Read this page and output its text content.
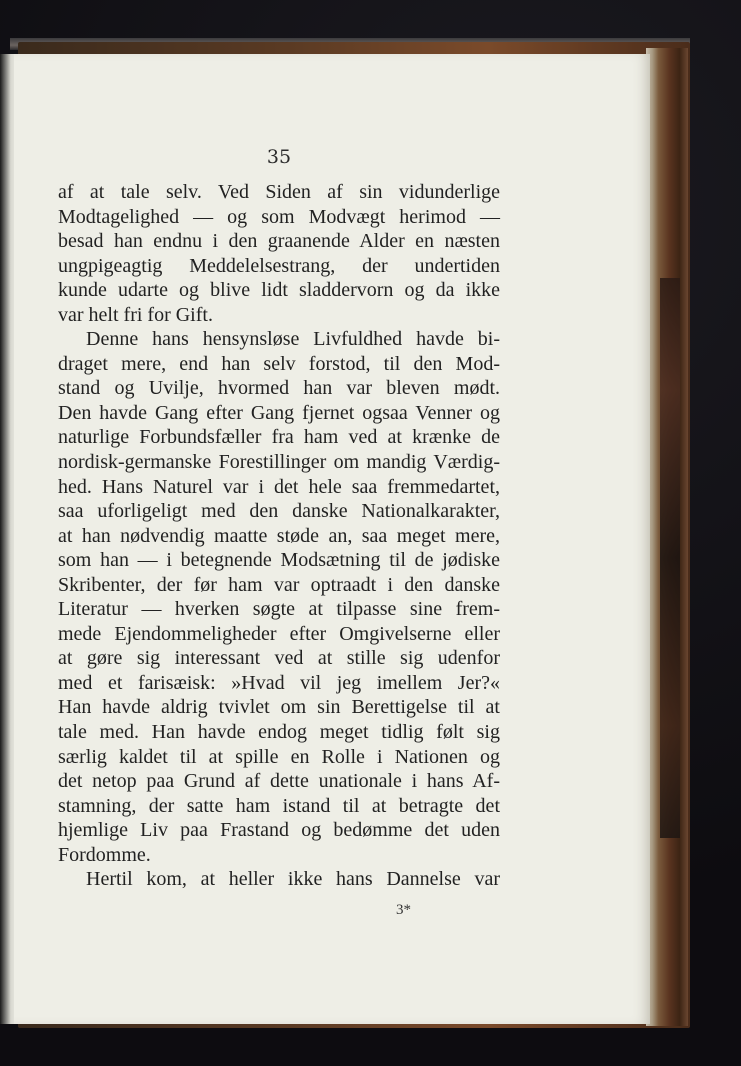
35
af at tale selv. Ved Siden af sin vidunderlige
Modtagelighed — og som Modvægt herimod —
besad han endnu i den graanende Alder en næsten
ungpigeagtig Meddelelsestrang, der undertiden
kunde udarte og blive lidt sladdervorn og da ikke
var helt fri for Gift.
Denne hans hensynsløse Livfuldhed havde bi-
draget mere, end han selv forstod, til den Mod-
stand og Uvilje, hvormed han var bleven mødt.
Den havde Gang efter Gang fjernet ogsaa Venner og
naturlige Forbundsfæller fra ham ved at krænke de
nordisk-germanske Forestillinger om mandig Værdig-
hed. Hans Naturel var i det hele saa fremmedartet,
saa uforligeligt med den danske Nationalkarakter,
at han nødvendig maatte støde an, saa meget mere,
som han — i betegnende Modsætning til de jødiske
Skribenter, der før ham var optraadt i den danske
Literatur — hverken søgte at tilpasse sine frem-
mede Ejendommeligheder efter Omgivelserne eller
at gøre sig interessant ved at stille sig udenfor
med et farisæisk: »Hvad vil jeg imellem Jer?«
Han havde aldrig tvivlet om sin Berettigelse til at
tale med. Han havde endog meget tidlig følt sig
særlig kaldet til at spille en Rolle i Nationen og
det netop paa Grund af dette unationale i hans Af-
stamning, der satte ham istand til at betragte det
hjemlige Liv paa Frastand og bedømme det uden
Fordomme.
Hertil kom, at heller ikke hans Dannelse var
3*
